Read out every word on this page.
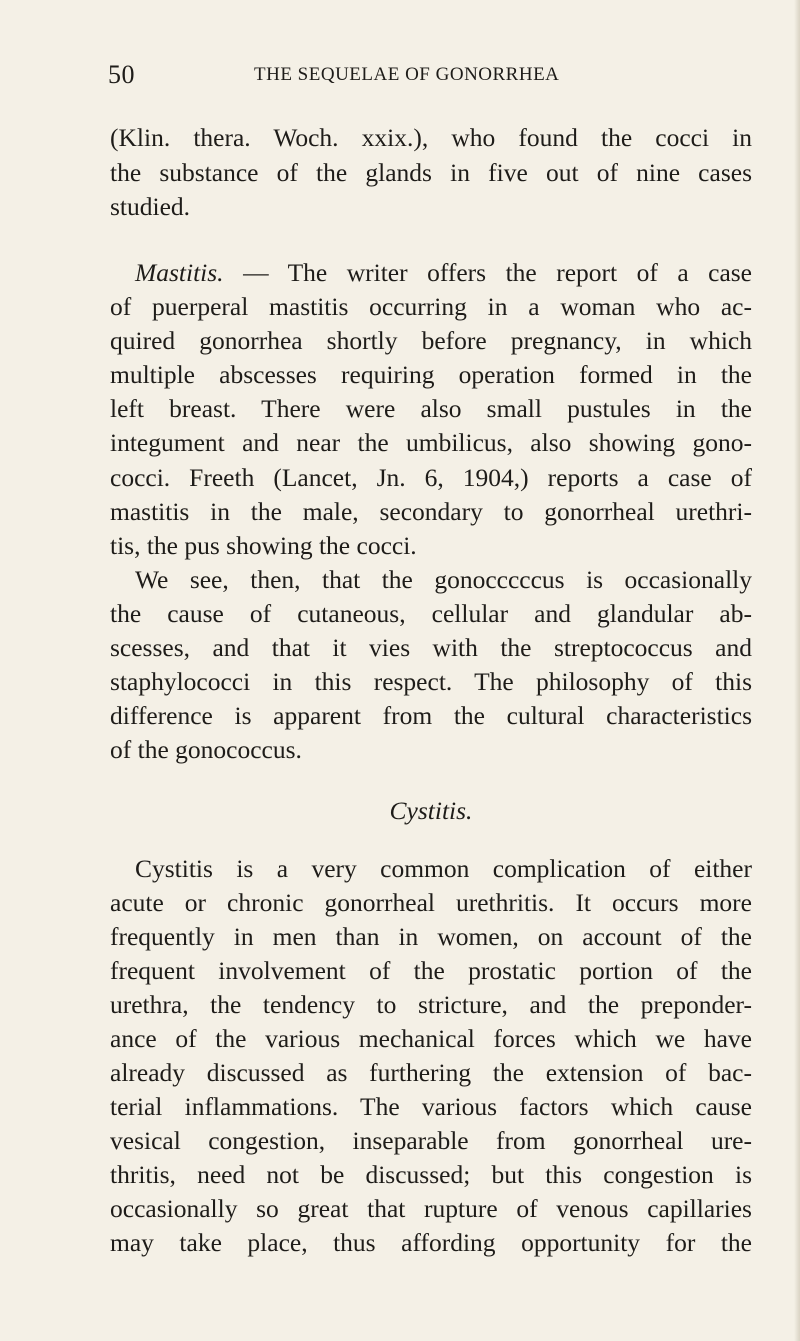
50	THE SEQUELAE OF GONORRHEA
(Klin. thera. Woch. xxix.), who found the cocci in
the substance of the glands in five out of nine cases
studied.
Mastitis. — The writer offers the report of a case
of puerperal mastitis occurring in a woman who ac-
quired gonorrhea shortly before pregnancy, in which
multiple abscesses requiring operation formed in the
left breast. There were also small pustules in the
integument and near the umbilicus, also showing gono-
cocci. Freeth (Lancet, Jn. 6, 1904,) reports a case of
mastitis in the male, secondary to gonorrheal urethri-
tis, the pus showing the cocci.
We see, then, that the gonocccccus is occasionally
the cause of cutaneous, cellular and glandular ab-
scesses, and that it vies with the streptococcus and
staphylococci in this respect. The philosophy of this
difference is apparent from the cultural characteristics
of the gonococcus.
Cystitis.
Cystitis is a very common complication of either
acute or chronic gonorrheal urethritis. It occurs more
frequently in men than in women, on account of the
frequent involvement of the prostatic portion of the
urethra, the tendency to stricture, and the preponder-
ance of the various mechanical forces which we have
already discussed as furthering the extension of bac-
terial inflammations. The various factors which cause
vesical congestion, inseparable from gonorrheal ure-
thritis, need not be discussed; but this congestion is
occasionally so great that rupture of venous capillaries
may take place, thus affording opportunity for the
